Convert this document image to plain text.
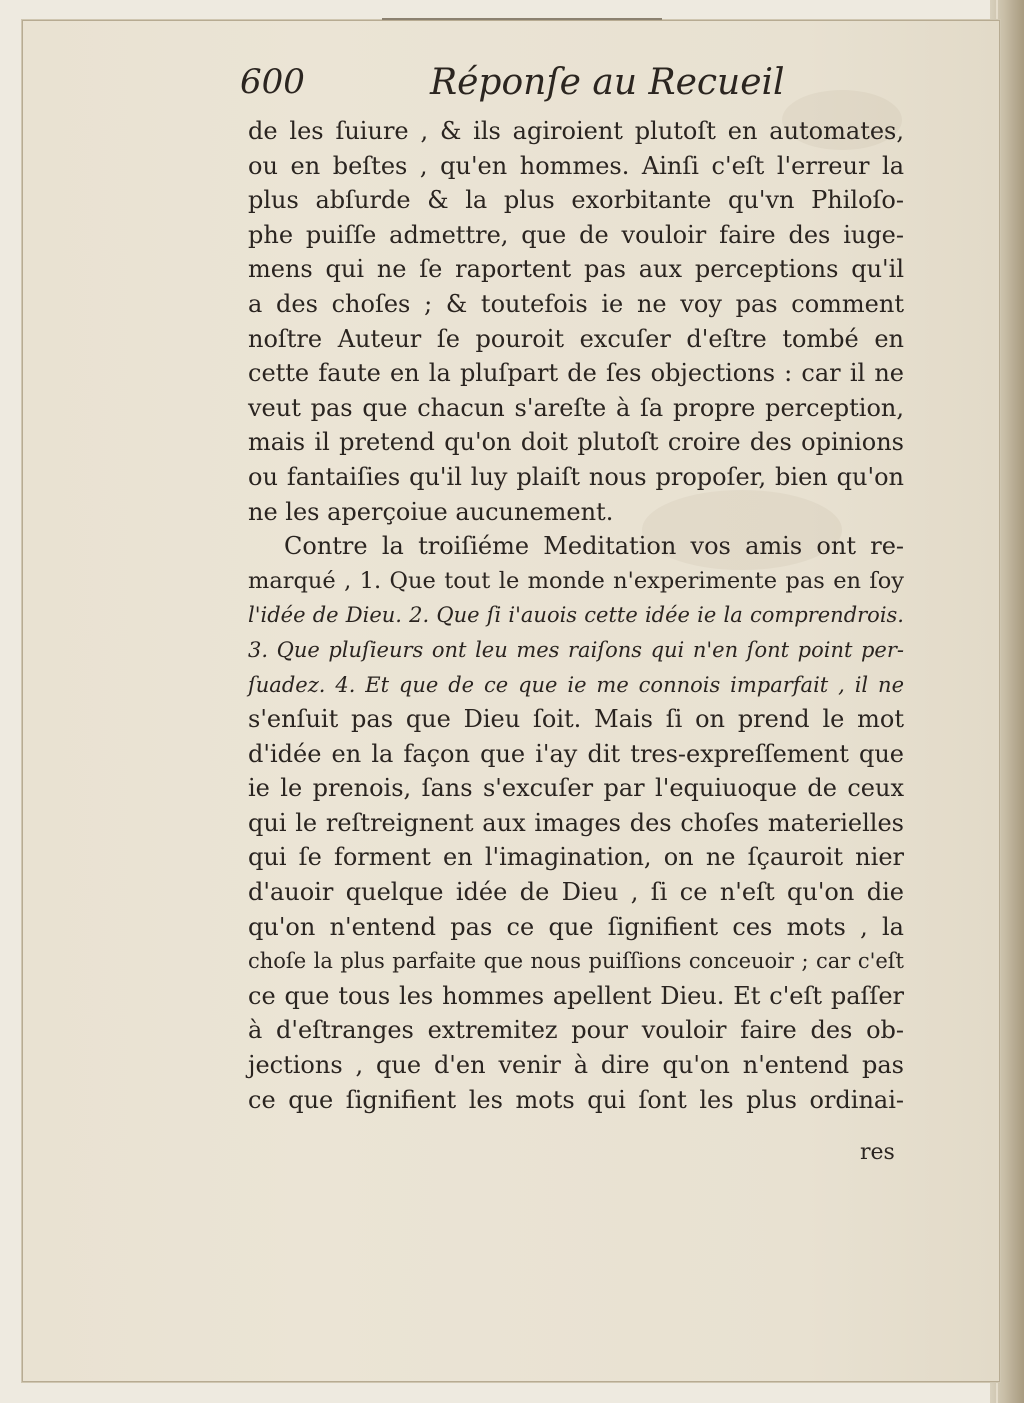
600	Réponſe au Recueil
de les ſuiure , & ils agiroient plutoſt en automates,
ou en beſtes , qu'en hommes. Ainſi c'eſt l'erreur la
plus abſurde & la plus exorbitante qu'vn Philoſo-
phe puiſſe admettre, que de vouloir faire des iuge-
mens qui ne ſe raportent pas aux perceptions qu'il
a des choſes ; & toutefois ie ne voy pas comment
noſtre Auteur ſe pouroit excuſer d'eſtre tombé en
cette faute en la pluſpart de ſes objections : car il ne
veut pas que chacun s'areſte à ſa propre perception,
mais il pretend qu'on doit plutoſt croire des opinions
ou fantaiſies qu'il luy plaiſt nous propoſer, bien qu'on
ne les aperçoiue aucunement.
Contre la troiſiéme Meditation vos amis ont re-
marqué , 1. Que tout le monde n'experimente pas en ſoy
l'idée de Dieu. 2. Que ſi i'auois cette idée ie la comprendrois.
3. Que pluſieurs ont leu mes raiſons qui n'en ſont point per-
ſuadez. 4. Et que de ce que ie me connois imparfait , il ne
s'enſuit pas que Dieu ſoit. Mais ſi on prend le mot
d'idée en la façon que i'ay dit tres-expreſſement que
ie le prenois, ſans s'excuſer par l'equiuoque de ceux
qui le reſtreignent aux images des choſes materielles
qui ſe forment en l'imagination, on ne ſçauroit nier
d'auoir quelque idée de Dieu , ſi ce n'eſt qu'on die
qu'on n'entend pas ce que ſignifient ces mots , la
choſe la plus parfaite que nous puiſſions conceuoir ; car c'eſt
ce que tous les hommes apellent Dieu. Et c'eſt paſſer
à d'eſtranges extremitez pour vouloir faire des ob-
jections , que d'en venir à dire qu'on n'entend pas
ce que ſignifient les mots qui ſont les plus ordinai-
res
